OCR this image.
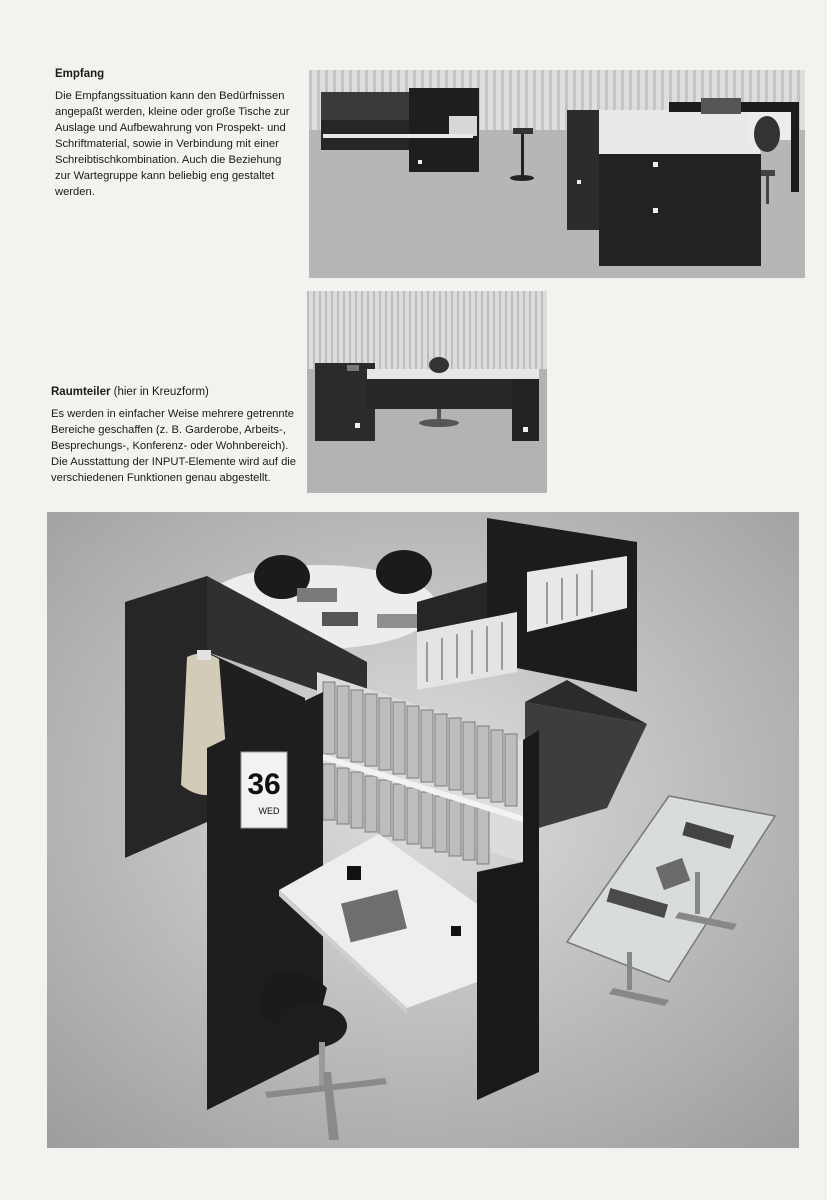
Empfang

Die Empfangssituation kann den Bedürfnissen angepaßt werden, kleine oder große Tische zur Auslage und Aufbewahrung von Prospekt- und Schriftmaterial, sowie in Verbindung mit einer Schreibtischkombination. Auch die Beziehung zur Wartegruppe kann beliebig eng gestaltet werden.

Raumteiler (hier in Kreuzform)

Es werden in einfacher Weise mehrere getrennte Bereiche geschaffen (z. B. Garderobe, Arbeits-, Besprechungs-, Konferenz- oder Wohnbereich). Die Ausstattung der INPUT-Elemente wird auf die verschiedenen Funktionen genau abgestellt.

36
WED
